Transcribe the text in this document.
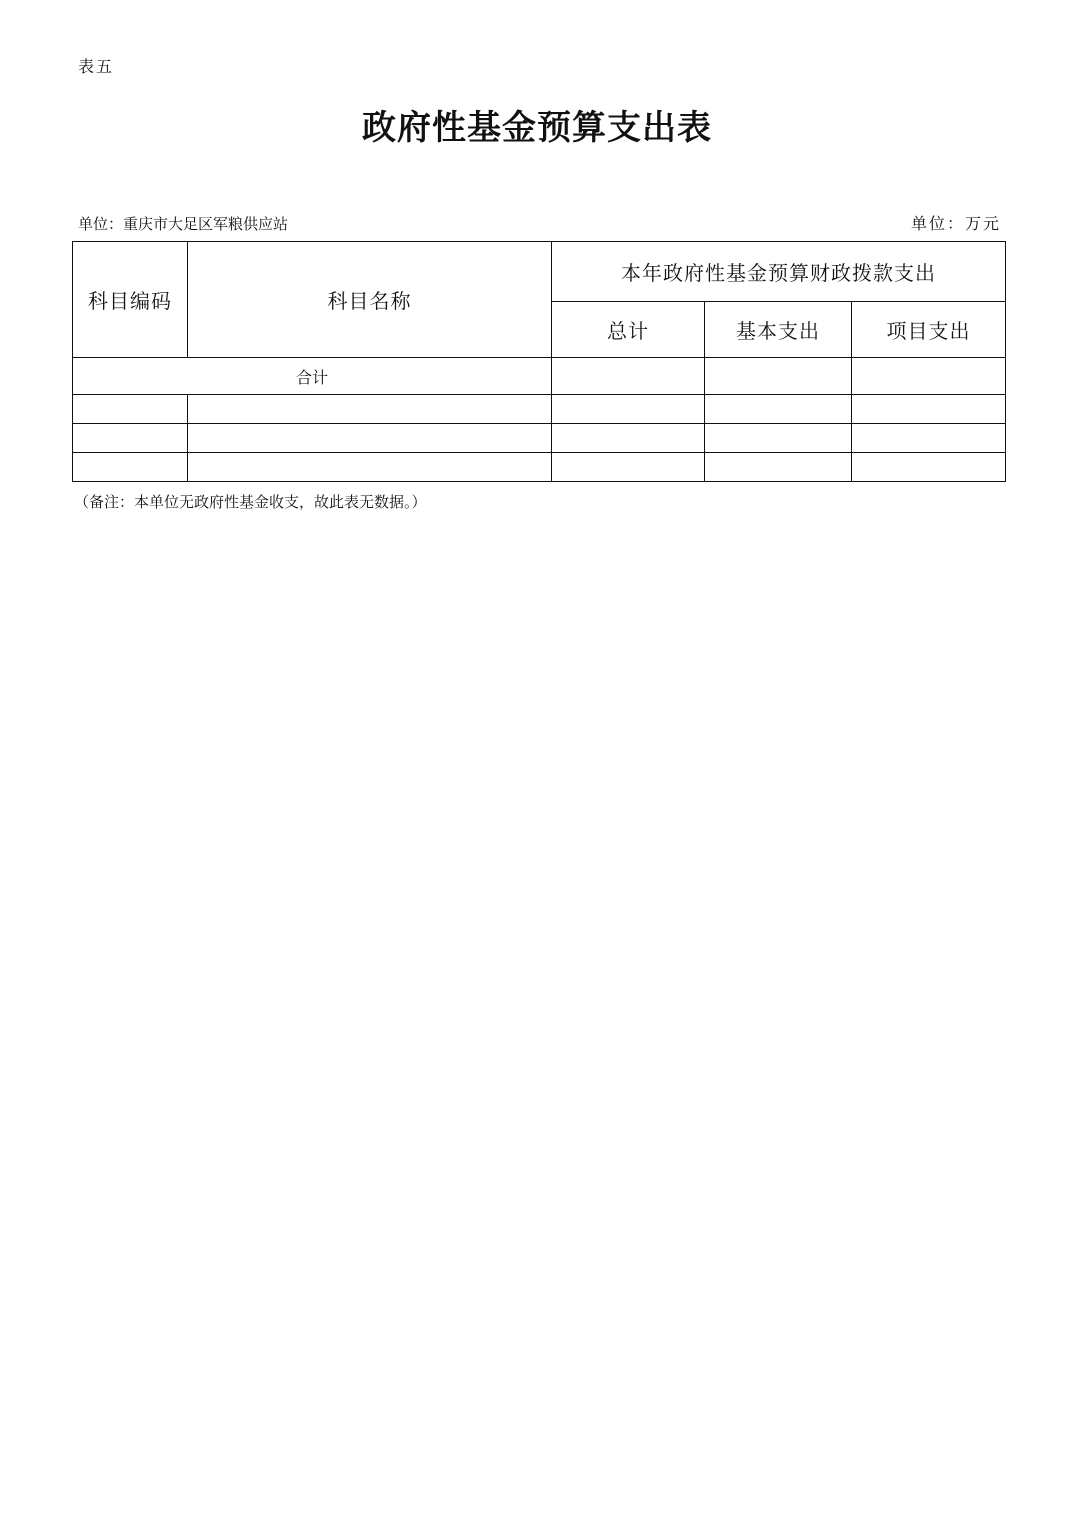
表五
政府性基金预算支出表
单位：重庆市大足区军粮供应站	单位：万元
科目编码	科目名称	本年政府性基金预算财政拨款支出		
		总计	基本支出	项目支出
合计				

（备注：本单位无政府性基金收支，故此表无数据。）
